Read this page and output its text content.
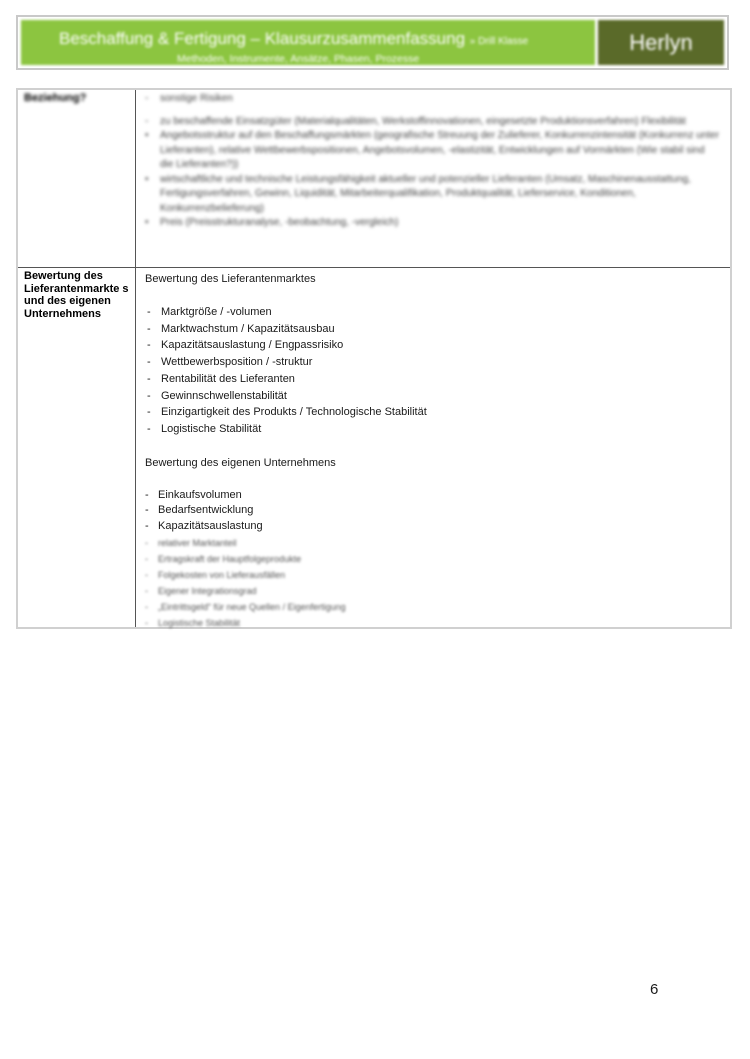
Beschaffung & Fertigung – Klausurzusammenfassung » Drill Klasse
Methoden, Instrumente, Ansätze, Phasen, Prozesse
Herlyn
Beziehung?	- sonstige Risiken
- zu beschaffende Einsatzgüter (Materialqualitäten, Werkstoffinnovationen, eingesetzte Produktionsverfahren) Flexibilität
• Angebotsstruktur auf den Beschaffungsmärkten (geografische Streuung der Zulieferer, Konkurrenzintensität (Konkurrenz unter Lieferanten), relative Wettbewerbspositionen, Angebotsvolumen, -elastizität, Entwicklungen auf Vormärkten (Wie stabil sind die Lieferanten?))
• wirtschaftliche und technische Leistungsfähigkeit aktueller und potenzieller Lieferanten (Umsatz, Maschinenausstattung, Fertigungsverfahren, Gewinn, Liquidität, Mitarbeiterqualifikation, Produktqualität, Lieferservice, Konditionen, Konkurrenzbelieferung)
• Preis (Preisstrukturanalyse, -beobachtung, -vergleich)
Bewertung des Lieferantenmarkte s und des eigenen Unternehmens
Bewertung des Lieferantenmarktes
- Marktgröße / -volumen
- Marktwachstum / Kapazitätsausbau
- Kapazitätsauslastung / Engpassrisiko
- Wettbewerbsposition / -struktur
- Rentabilität des Lieferanten
- Gewinnschwellenstabilität
- Einzigartigkeit des Produkts / Technologische Stabilität
- Logistische Stabilität
Bewertung des eigenen Unternehmens
- Einkaufsvolumen
- Bedarfsentwicklung
- Kapazitätsauslastung
- relativer Marktanteil
- Ertragskraft der Hauptfolgeprodukte
- Folgekosten von Lieferausfällen
- Eigener Integrationsgrad
- „Eintrittsgeld“ für neue Quellen / Eigenfertigung
- Logistische Stabilität
6
